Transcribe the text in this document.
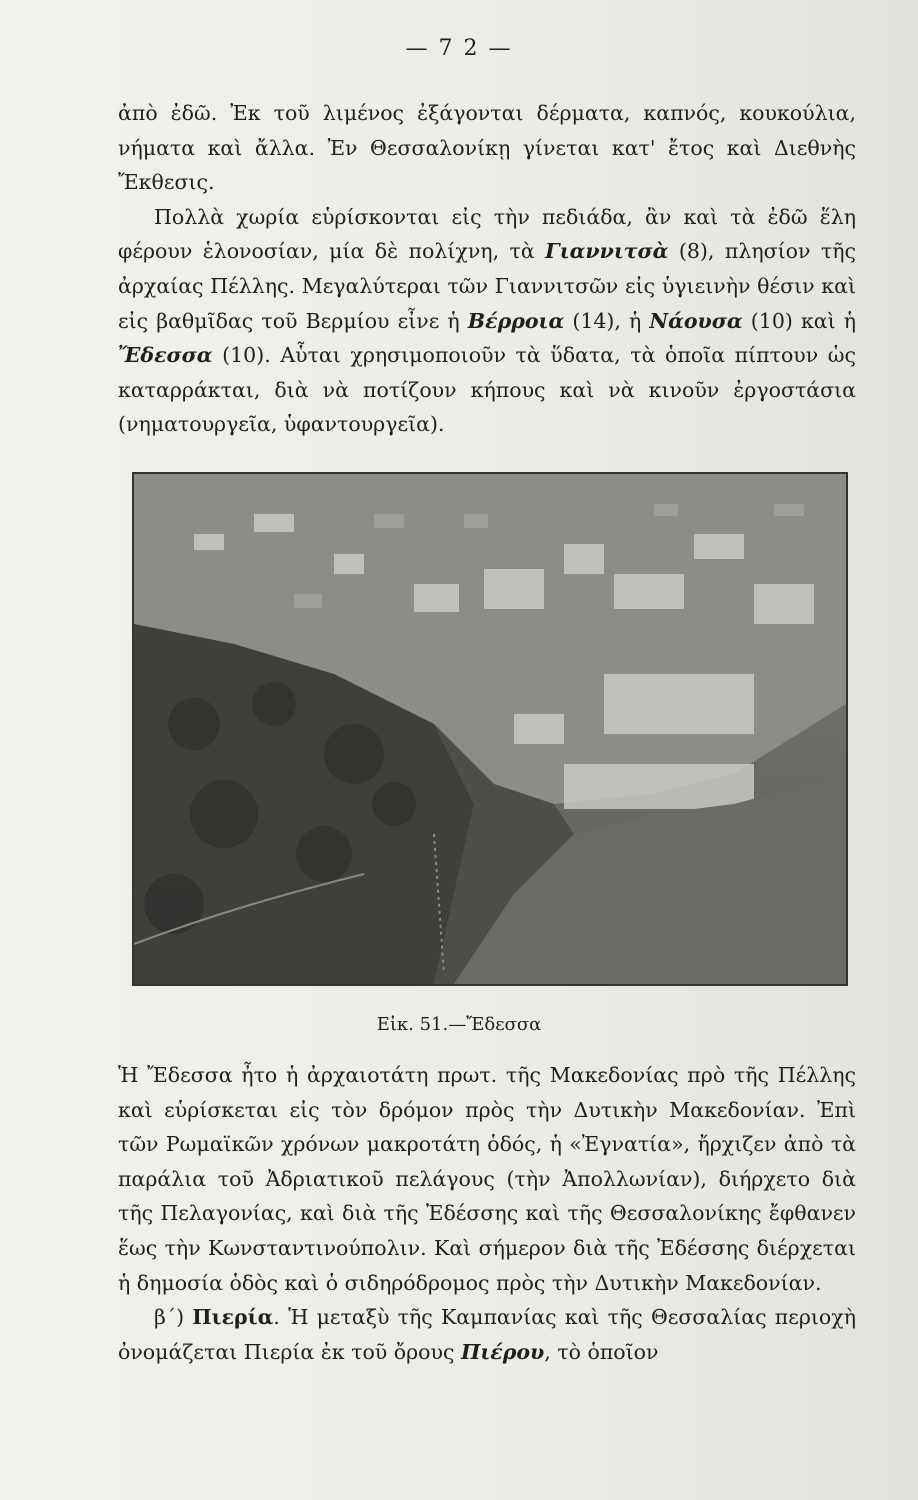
— 7 2 —

ἀπὸ ἐδῶ. Ἐκ τοῦ λιμένος ἐξάγονται δέρματα, καπνός, κουκούλια, νήματα καὶ ἄλλα. Ἐν Θεσσαλονίκῃ γίνεται κατ' ἔτος καὶ Διεθνὴς Ἔκθεσις.

Πολλὰ χωρία εὑρίσκονται εἰς τὴν πεδιάδα, ἂν καὶ τὰ ἐδῶ ἕλη φέρουν ἑλονοσίαν, μία δὲ πολίχνη, τὰ Γιαννιτσὰ (8), πλησίον τῆς ἀρχαίας Πέλλης. Μεγαλύτεραι τῶν Γιαννιτσῶν εἰς ὑγιεινὴν θέσιν καὶ εἰς βαθμῖδας τοῦ Βερμίου εἶνε ἡ Βέρροια (14), ἡ Νάουσα (10) καὶ ἡ Ἔδεσσα (10). Αὗται χρησιμοποιοῦν τὰ ὕδατα, τὰ ὁποῖα πίπτουν ὡς καταρράκται, διὰ νὰ ποτίζουν κήπους καὶ νὰ κινοῦν ἐργοστάσια (νηματουργεῖα, ὑφαντουργεῖα).

Εἰκ. 51.—Ἔδεσσα

Ἡ Ἔδεσσα ἦτο ἡ ἀρχαιοτάτη πρωτ. τῆς Μακεδονίας πρὸ τῆς Πέλλης καὶ εὑρίσκεται εἰς τὸν δρόμον πρὸς τὴν Δυτικὴν Μακεδονίαν. Ἐπὶ τῶν Ρωμαϊκῶν χρόνων μακροτάτη ὁδός, ἡ «Ἐγνατία», ἤρχιζεν ἀπὸ τὰ παράλια τοῦ Ἀδριατικοῦ πελάγους (τὴν Ἀπολλωνίαν), διήρχετο διὰ τῆς Πελαγονίας, καὶ διὰ τῆς Ἐδέσσης καὶ τῆς Θεσσαλονίκης ἔφθανεν ἕως τὴν Κωνσταντινούπολιν. Καὶ σήμερον διὰ τῆς Ἐδέσσης διέρχεται ἡ δημοσία ὁδὸς καὶ ὁ σιδηρόδρομος πρὸς τὴν Δυτικὴν Μακεδονίαν.

β΄) Πιερία. Ἡ μεταξὺ τῆς Καμπανίας καὶ τῆς Θεσσαλίας περιοχὴ ὀνομάζεται Πιερία ἐκ τοῦ ὄρους Πιέρου, τὸ ὁποῖον
